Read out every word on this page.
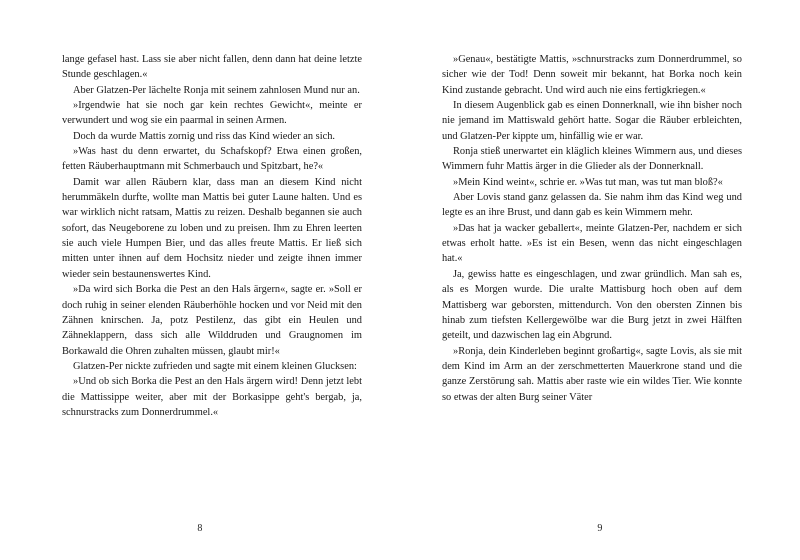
lange gefasel hast. Lass sie aber nicht fallen, denn dann hat deine letzte Stunde geschlagen.«

Aber Glatzen-Per lächelte Ronja mit seinem zahnlosen Mund nur an.

»Irgendwie hat sie noch gar kein rechtes Gewicht«, meinte er verwundert und wog sie ein paarmal in seinen Armen.

Doch da wurde Mattis zornig und riss das Kind wieder an sich.

»Was hast du denn erwartet, du Schafskopf? Etwa einen großen, fetten Räuberhauptmann mit Schmerbauch und Spitzbart, he?«

Damit war allen Räubern klar, dass man an diesem Kind nicht herummäkeln durfte, wollte man Mattis bei guter Laune halten. Und es war wirklich nicht ratsam, Mattis zu reizen. Deshalb begannen sie auch sofort, das Neugeborene zu loben und zu preisen. Ihm zu Ehren leerten sie auch viele Humpen Bier, und das alles freute Mattis. Er ließ sich mitten unter ihnen auf dem Hochsitz nieder und zeigte ihnen immer wieder sein bestaunenswertes Kind.

»Da wird sich Borka die Pest an den Hals ärgern«, sagte er. »Soll er doch ruhig in seiner elenden Räuberhöhle hocken und vor Neid mit den Zähnen knirschen. Ja, potz Pestilenz, das gibt ein Heulen und Zähneklappern, dass sich alle Wilddruden und Graugnomen im Borkawald die Ohren zuhalten müssen, glaubt mir!«

Glatzen-Per nickte zufrieden und sagte mit einem kleinen Glucksen:

»Und ob sich Borka die Pest an den Hals ärgern wird! Denn jetzt lebt die Mattissippe weiter, aber mit der Borkasippe geht's bergab, ja, schnurstracks zum Donnerdrummel.«

8

»Genau«, bestätigte Mattis, »schnurstracks zum Donnerdrummel, so sicher wie der Tod! Denn soweit mir bekannt, hat Borka noch kein Kind zustande gebracht. Und wird auch nie eins fertigkriegen.«

In diesem Augenblick gab es einen Donnerknall, wie ihn bisher noch nie jemand im Mattiswald gehört hatte. Sogar die Räuber erbleichten, und Glatzen-Per kippte um, hinfällig wie er war.

Ronja stieß unerwartet ein kläglich kleines Wimmern aus, und dieses Wimmern fuhr Mattis ärger in die Glieder als der Donnerknall.

»Mein Kind weint«, schrie er. »Was tut man, was tut man bloß?«

Aber Lovis stand ganz gelassen da. Sie nahm ihm das Kind weg und legte es an ihre Brust, und dann gab es kein Wimmern mehr.

»Das hat ja wacker geballert«, meinte Glatzen-Per, nachdem er sich etwas erholt hatte. »Es ist ein Besen, wenn das nicht eingeschlagen hat.«

Ja, gewiss hatte es eingeschlagen, und zwar gründlich. Man sah es, als es Morgen wurde. Die uralte Mattisburg hoch oben auf dem Mattisberg war geborsten, mittendurch. Von den obersten Zinnen bis hinab zum tiefsten Kellergewölbe war die Burg jetzt in zwei Hälften geteilt, und dazwischen lag ein Abgrund.

»Ronja, dein Kinderleben beginnt großartig«, sagte Lovis, als sie mit dem Kind im Arm an der zerschmetterten Mauerkrone stand und die ganze Zerstörung sah. Mattis aber raste wie ein wildes Tier. Wie konnte so etwas der alten Burg seiner Väter

9
